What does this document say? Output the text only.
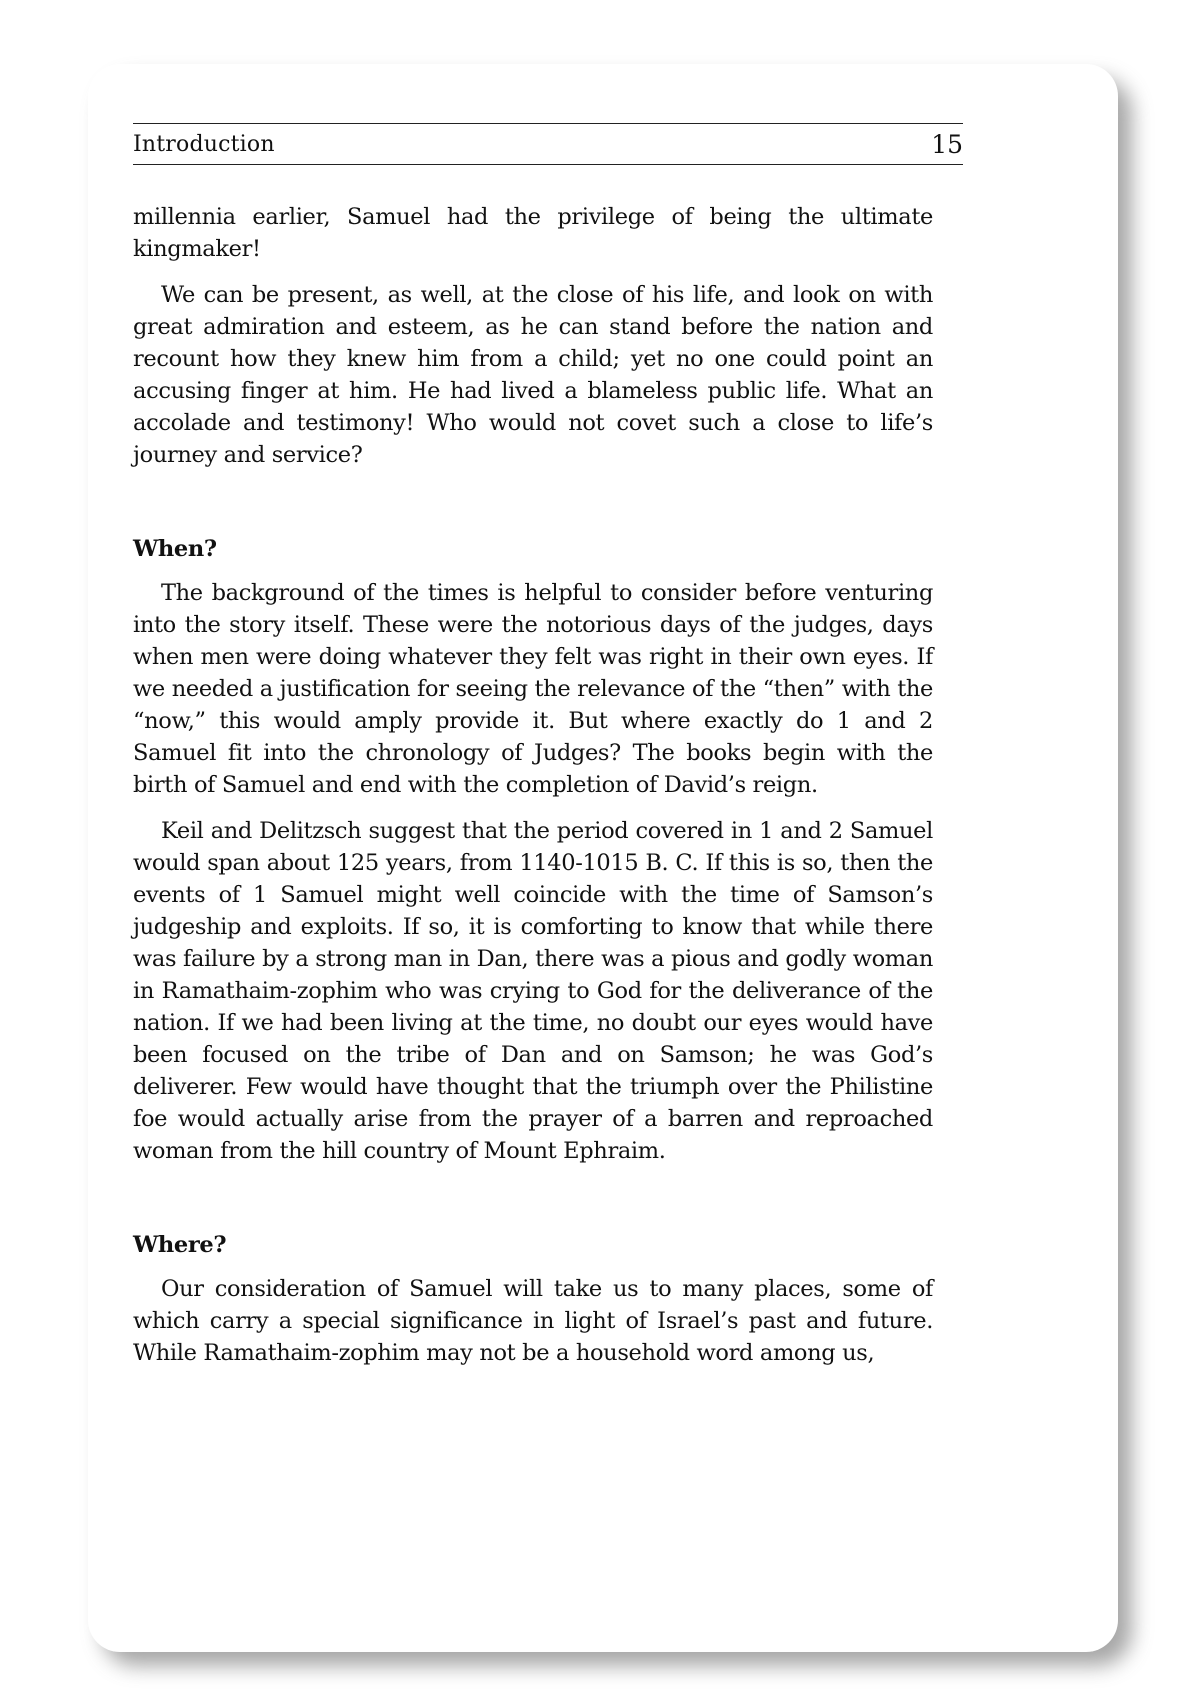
Introduction	15

millennia earlier, Samuel had the privilege of being the ultimate kingmaker!

We can be present, as well, at the close of his life, and look on with great admiration and esteem, as he can stand before the nation and recount how they knew him from a child; yet no one could point an accusing finger at him. He had lived a blameless public life. What an accolade and testimony! Who would not covet such a close to life’s journey and service?

When?

The background of the times is helpful to consider before venturing into the story itself. These were the notorious days of the judges, days when men were doing whatever they felt was right in their own eyes. If we needed a justification for seeing the relevance of the “then” with the “now,” this would amply provide it. But where exactly do 1 and 2 Samuel fit into the chronology of Judges? The books begin with the birth of Samuel and end with the completion of David’s reign.

Keil and Delitzsch suggest that the period covered in 1 and 2 Samuel would span about 125 years, from 1140-1015 B. C. If this is so, then the events of 1 Samuel might well coincide with the time of Samson’s judgeship and exploits. If so, it is comforting to know that while there was failure by a strong man in Dan, there was a pious and godly woman in Ramathaim-zophim who was crying to God for the deliverance of the nation. If we had been living at the time, no doubt our eyes would have been focused on the tribe of Dan and on Samson; he was God’s deliverer. Few would have thought that the triumph over the Philistine foe would actually arise from the prayer of a barren and reproached woman from the hill country of Mount Ephraim.

Where?

Our consideration of Samuel will take us to many places, some of which carry a special significance in light of Israel’s past and future. While Ramathaim-zophim may not be a household word among us,
